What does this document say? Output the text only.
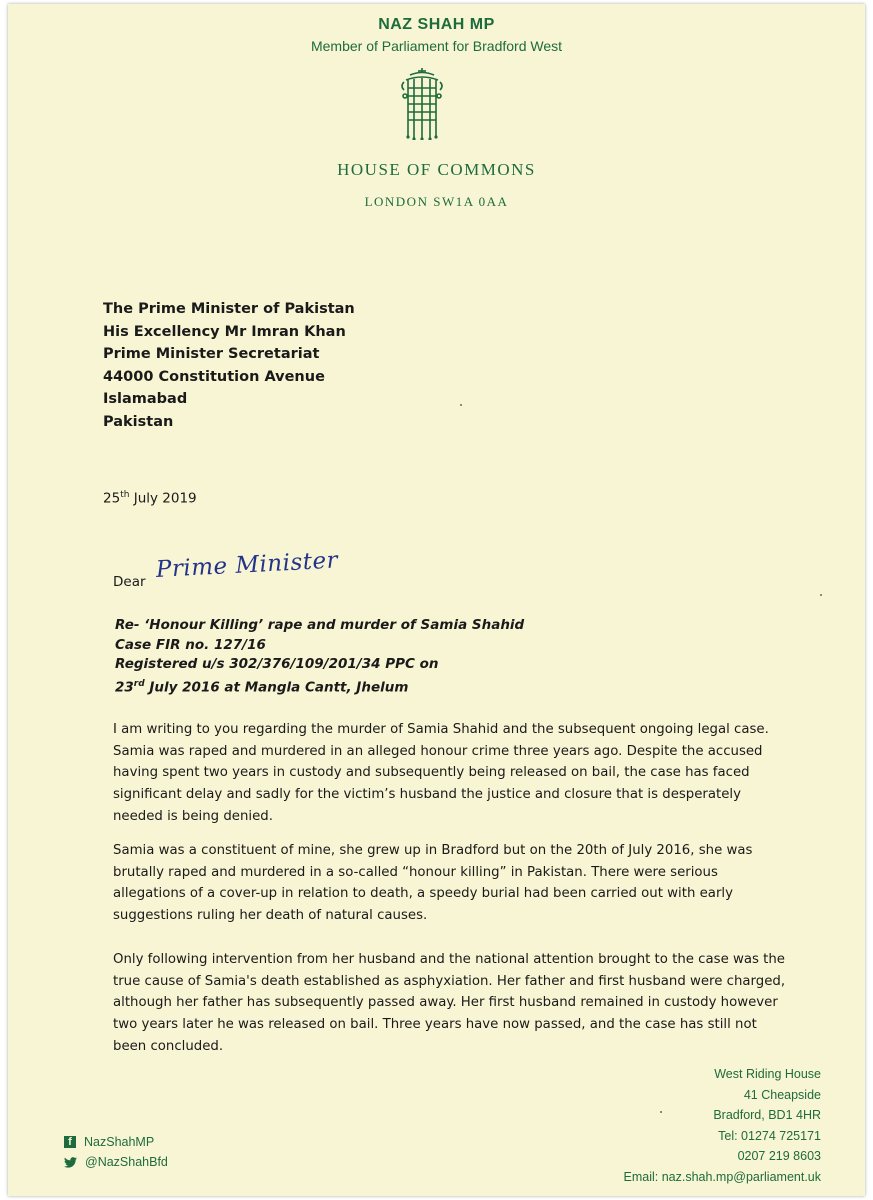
NAZ SHAH MP
Member of Parliament for Bradford West
HOUSE OF COMMONS
LONDON SW1A 0AA
The Prime Minister of Pakistan
His Excellency Mr Imran Khan
Prime Minister Secretariat
44000 Constitution Avenue
Islamabad
Pakistan
25th July 2019
Dear Prime Minister
Re- ‘Honour Killing’ rape and murder of Samia Shahid
Case FIR no. 127/16
Registered u/s 302/376/109/201/34 PPC on
23rd July 2016 at Mangla Cantt, Jhelum
I am writing to you regarding the murder of Samia Shahid and the subsequent ongoing legal case. Samia was raped and murdered in an alleged honour crime three years ago. Despite the accused having spent two years in custody and subsequently being released on bail, the case has faced significant delay and sadly for the victim’s husband the justice and closure that is desperately needed is being denied.
Samia was a constituent of mine, she grew up in Bradford but on the 20th of July 2016, she was brutally raped and murdered in a so-called “honour killing” in Pakistan. There were serious allegations of a cover-up in relation to death, a speedy burial had been carried out with early suggestions ruling her death of natural causes.
Only following intervention from her husband and the national attention brought to the case was the true cause of Samia's death established as asphyxiation. Her father and first husband were charged, although her father has subsequently passed away. Her first husband remained in custody however two years later he was released on bail. Three years have now passed, and the case has still not been concluded.
West Riding House
41 Cheapside
Bradford, BD1 4HR
Tel: 01274 725171
0207 219 8603
Email: naz.shah.mp@parliament.uk
f NazShahMP
@NazShahBfd
